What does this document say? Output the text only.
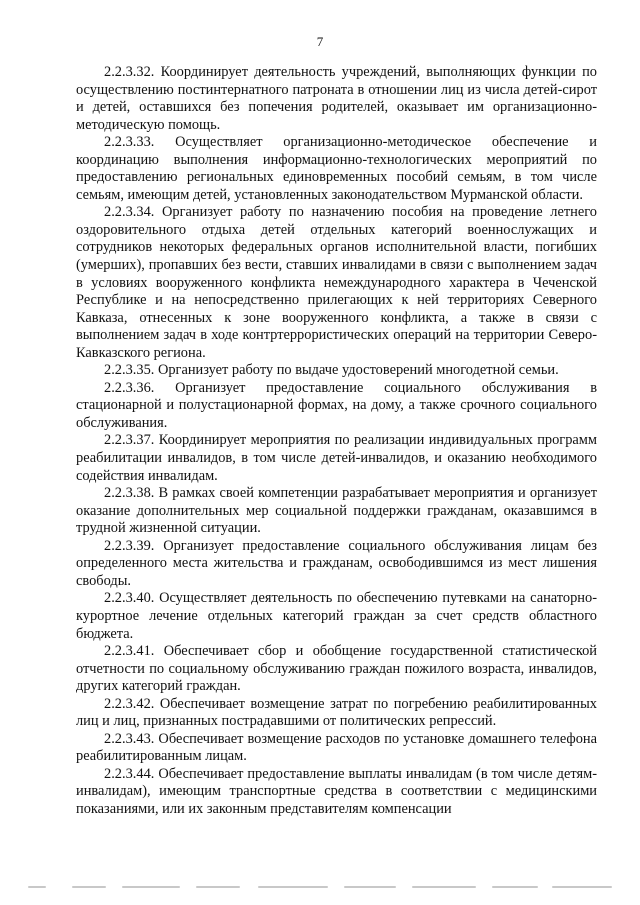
7

2.2.3.32. Координирует деятельность учреждений, выполняющих функции по осуществлению постинтернатного патроната в отношении лиц из числа детей-сирот и детей, оставшихся без попечения родителей, оказывает им организационно-методическую помощь.

2.2.3.33. Осуществляет организационно-методическое обеспечение и координацию выполнения информационно-технологических мероприятий по предоставлению региональных единовременных пособий семьям, в том числе семьям, имеющим детей, установленных законодательством Мурманской области.

2.2.3.34. Организует работу по назначению пособия на проведение летнего оздоровительного отдыха детей отдельных категорий военнослужащих и сотрудников некоторых федеральных органов исполнительной власти, погибших (умерших), пропавших без вести, ставших инвалидами в связи с выполнением задач в условиях вооруженного конфликта немеждународного характера в Чеченской Республике и на непосредственно прилегающих к ней территориях Северного Кавказа, отнесенных к зоне вооруженного конфликта, а также в связи с выполнением задач в ходе контртеррористических операций на территории Северо-Кавказского региона.

2.2.3.35. Организует работу по выдаче удостоверений многодетной семьи.

2.2.3.36. Организует предоставление социального обслуживания в стационарной и полустационарной формах, на дому, а также срочного социального обслуживания.

2.2.3.37. Координирует мероприятия по реализации индивидуальных программ реабилитации инвалидов, в том числе детей-инвалидов, и оказанию необходимого содействия инвалидам.

2.2.3.38. В рамках своей компетенции разрабатывает мероприятия и организует оказание дополнительных мер социальной поддержки гражданам, оказавшимся в трудной жизненной ситуации.

2.2.3.39. Организует предоставление социального обслуживания лицам без определенного места жительства и гражданам, освободившимся из мест лишения свободы.

2.2.3.40. Осуществляет деятельность по обеспечению путевками на санаторно-курортное лечение отдельных категорий граждан за счет средств областного бюджета.

2.2.3.41. Обеспечивает сбор и обобщение государственной статистической отчетности по социальному обслуживанию граждан пожилого возраста, инвалидов, других категорий граждан.

2.2.3.42. Обеспечивает возмещение затрат по погребению реабилитированных лиц и лиц, признанных пострадавшими от политических репрессий.

2.2.3.43. Обеспечивает возмещение расходов по установке домашнего телефона реабилитированным лицам.

2.2.3.44. Обеспечивает предоставление выплаты инвалидам (в том числе детям-инвалидам), имеющим транспортные средства в соответствии с медицинскими показаниями, или их законным представителям компенсации
